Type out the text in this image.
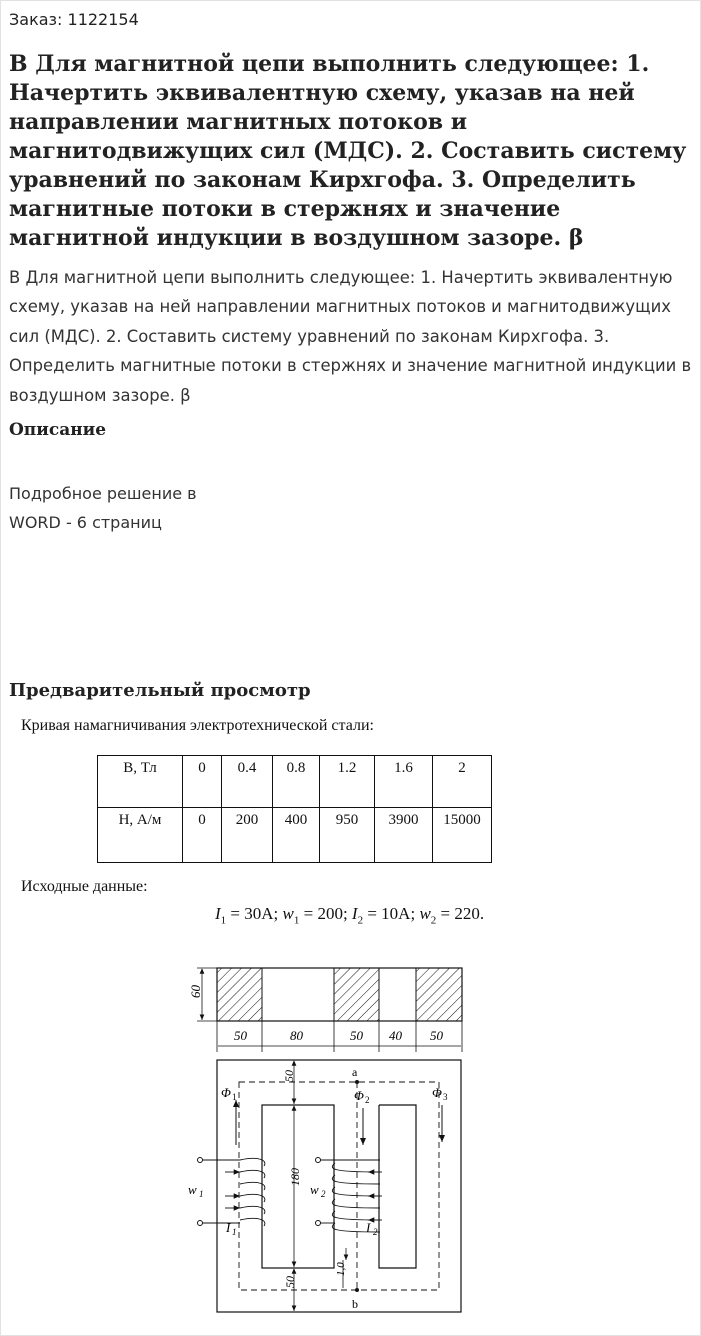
Заказ: 1122154
В Для магнитной цепи выполнить следующее: 1. Начертить эквивалентную схему, указав на ней направлении магнитных потоков и магнитодвижущих сил (МДС). 2. Составить систему уравнений по законам Кирхгофа. 3. Определить магнитные потоки в стержнях и значение магнитной индукции в воздушном зазоре. β
В Для магнитной цепи выполнить следующее: 1. Начертить эквивалентную схему, указав на ней направлении магнитных потоков и магнитодвижущих сил (МДС). 2. Составить систему уравнений по законам Кирхгофа. 3. Определить магнитные потоки в стержнях и значение магнитной индукции в воздушном зазоре. β
Описание
Подробное решение в
WORD - 6 страниц
Предварительный просмотр
Кривая намагничивания электротехнической стали:
B, Тл	0	0.4	0.8	1.2	1.6	2
H, А/м	0	200	400	950	3900	15000
Исходные данные:
$I_1 = 30A$; $w_1 = 200$; $I_2 = 10A$; $w_2 = 220$.
60
50	80	50 40 50
50
180
50
1,0
a
b
Φ 1	Φ 2	Φ 3
w 1
I 1
w 2
I 2
